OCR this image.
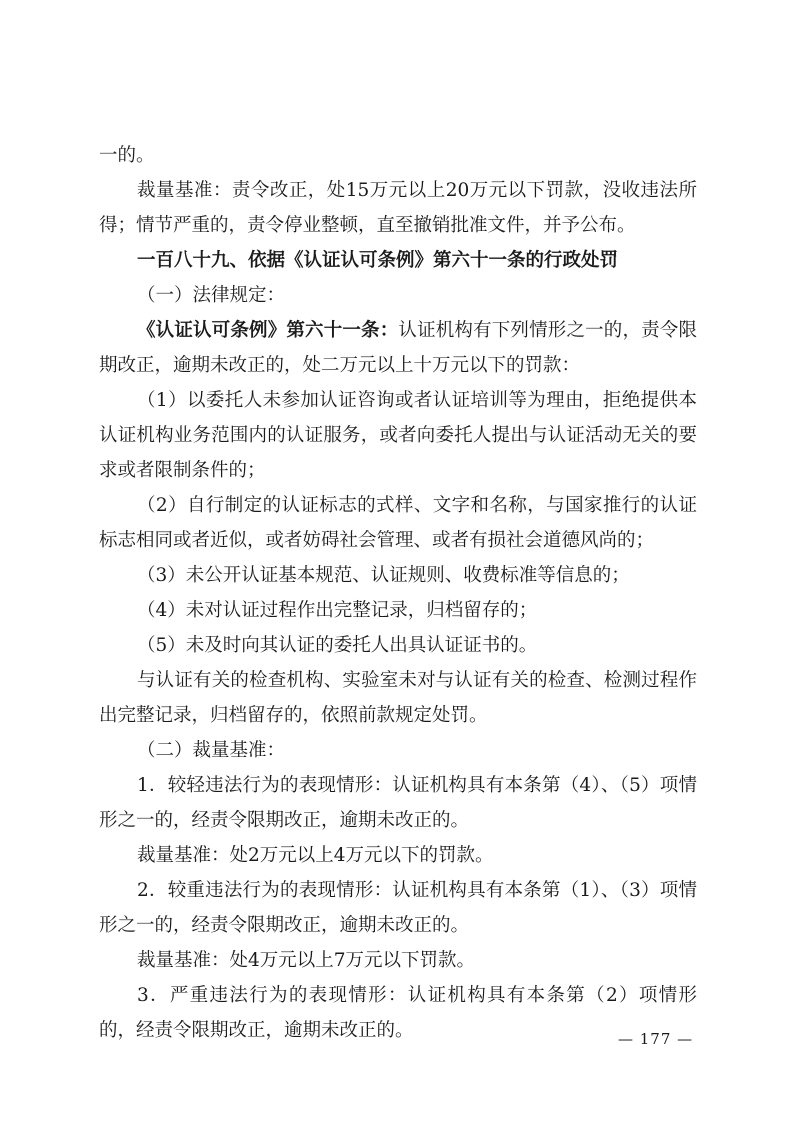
一的。

裁量基准：责令改正，处15万元以上20万元以下罚款，没收违法所得；情节严重的，责令停业整顿，直至撤销批准文件，并予公布。

一百八十九、依据《认证认可条例》第六十一条的行政处罚

（一）法律规定：

《认证认可条例》第六十一条：认证机构有下列情形之一的，责令限期改正，逾期未改正的，处二万元以上十万元以下的罚款：

（1）以委托人未参加认证咨询或者认证培训等为理由，拒绝提供本认证机构业务范围内的认证服务，或者向委托人提出与认证活动无关的要求或者限制条件的；

（2）自行制定的认证标志的式样、文字和名称，与国家推行的认证标志相同或者近似，或者妨碍社会管理、或者有损社会道德风尚的；

（3）未公开认证基本规范、认证规则、收费标准等信息的；

（4）未对认证过程作出完整记录，归档留存的；

（5）未及时向其认证的委托人出具认证证书的。

与认证有关的检查机构、实验室未对与认证有关的检查、检测过程作出完整记录，归档留存的，依照前款规定处罚。

（二）裁量基准：

1．较轻违法行为的表现情形：认证机构具有本条第（4）、（5）项情形之一的，经责令限期改正，逾期未改正的。

裁量基准：处2万元以上4万元以下的罚款。

2．较重违法行为的表现情形：认证机构具有本条第（1）、（3）项情形之一的，经责令限期改正，逾期未改正的。

裁量基准：处4万元以上7万元以下罚款。

3．严重违法行为的表现情形：认证机构具有本条第（2）项情形的，经责令限期改正，逾期未改正的。	— 177 —
